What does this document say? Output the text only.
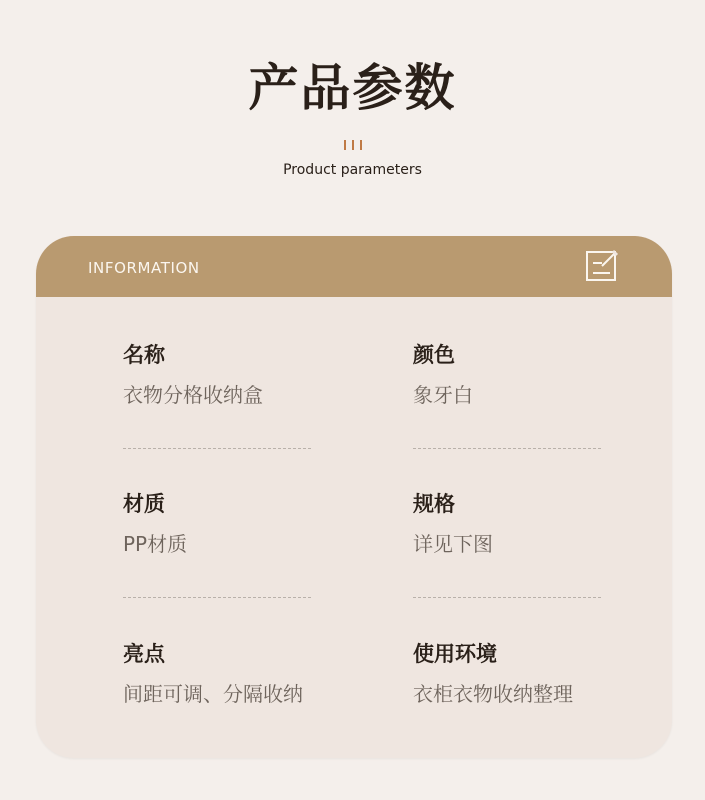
产品参数
Product parameters
INFORMATION
名称
衣物分格收纳盒
颜色
象牙白
材质
PP材质
规格
详见下图
亮点
间距可调、分隔收纳
使用环境
衣柜衣物收纳整理
